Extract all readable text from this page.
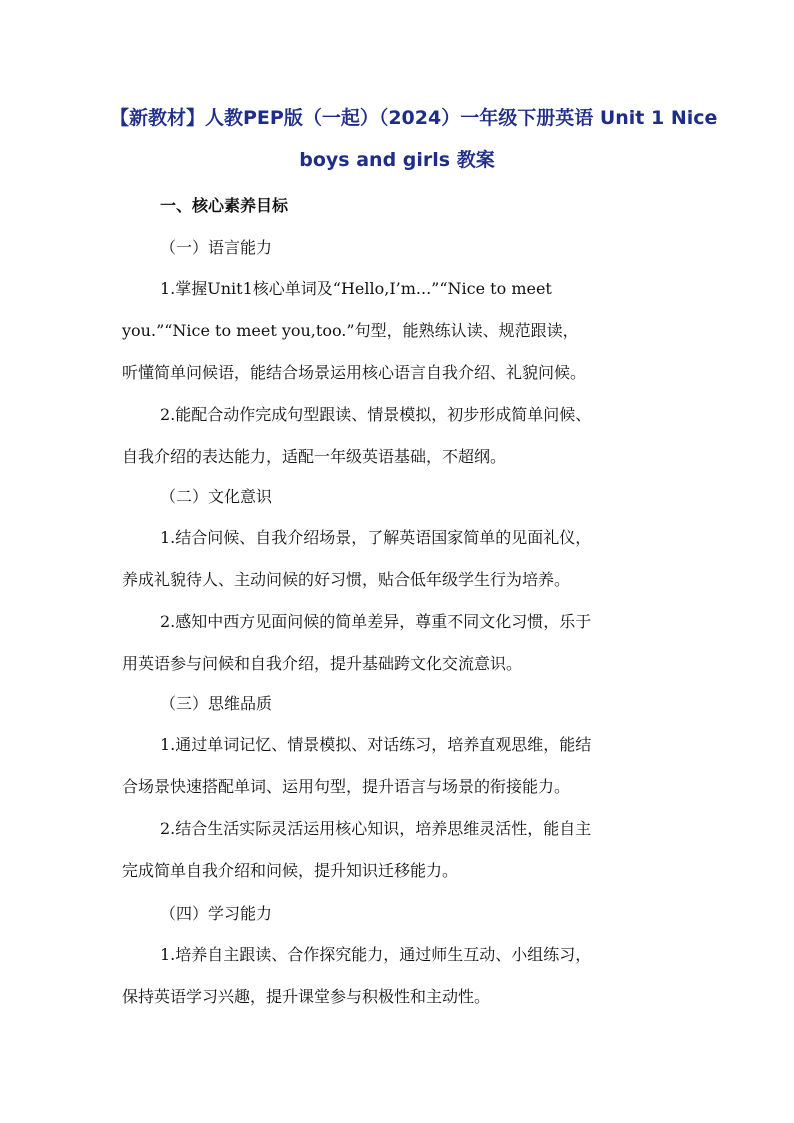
【新教材】人教PEP版（一起）（2024）一年级下册英语 Unit 1 Nice
boys and girls 教案
一、核心素养目标
（一）语言能力
1.掌握Unit1核心单词及“Hello,I’m...”“Nice to meet
you.”“Nice to meet you,too.”句型，能熟练认读、规范跟读，
听懂简单问候语，能结合场景运用核心语言自我介绍、礼貌问候。
2.能配合动作完成句型跟读、情景模拟，初步形成简单问候、
自我介绍的表达能力，适配一年级英语基础，不超纲。
（二）文化意识
1.结合问候、自我介绍场景，了解英语国家简单的见面礼仪，
养成礼貌待人、主动问候的好习惯，贴合低年级学生行为培养。
2.感知中西方见面问候的简单差异，尊重不同文化习惯，乐于
用英语参与问候和自我介绍，提升基础跨文化交流意识。
（三）思维品质
1.通过单词记忆、情景模拟、对话练习，培养直观思维，能结
合场景快速搭配单词、运用句型，提升语言与场景的衔接能力。
2.结合生活实际灵活运用核心知识，培养思维灵活性，能自主
完成简单自我介绍和问候，提升知识迁移能力。
（四）学习能力
1.培养自主跟读、合作探究能力，通过师生互动、小组练习，
保持英语学习兴趣，提升课堂参与积极性和主动性。
